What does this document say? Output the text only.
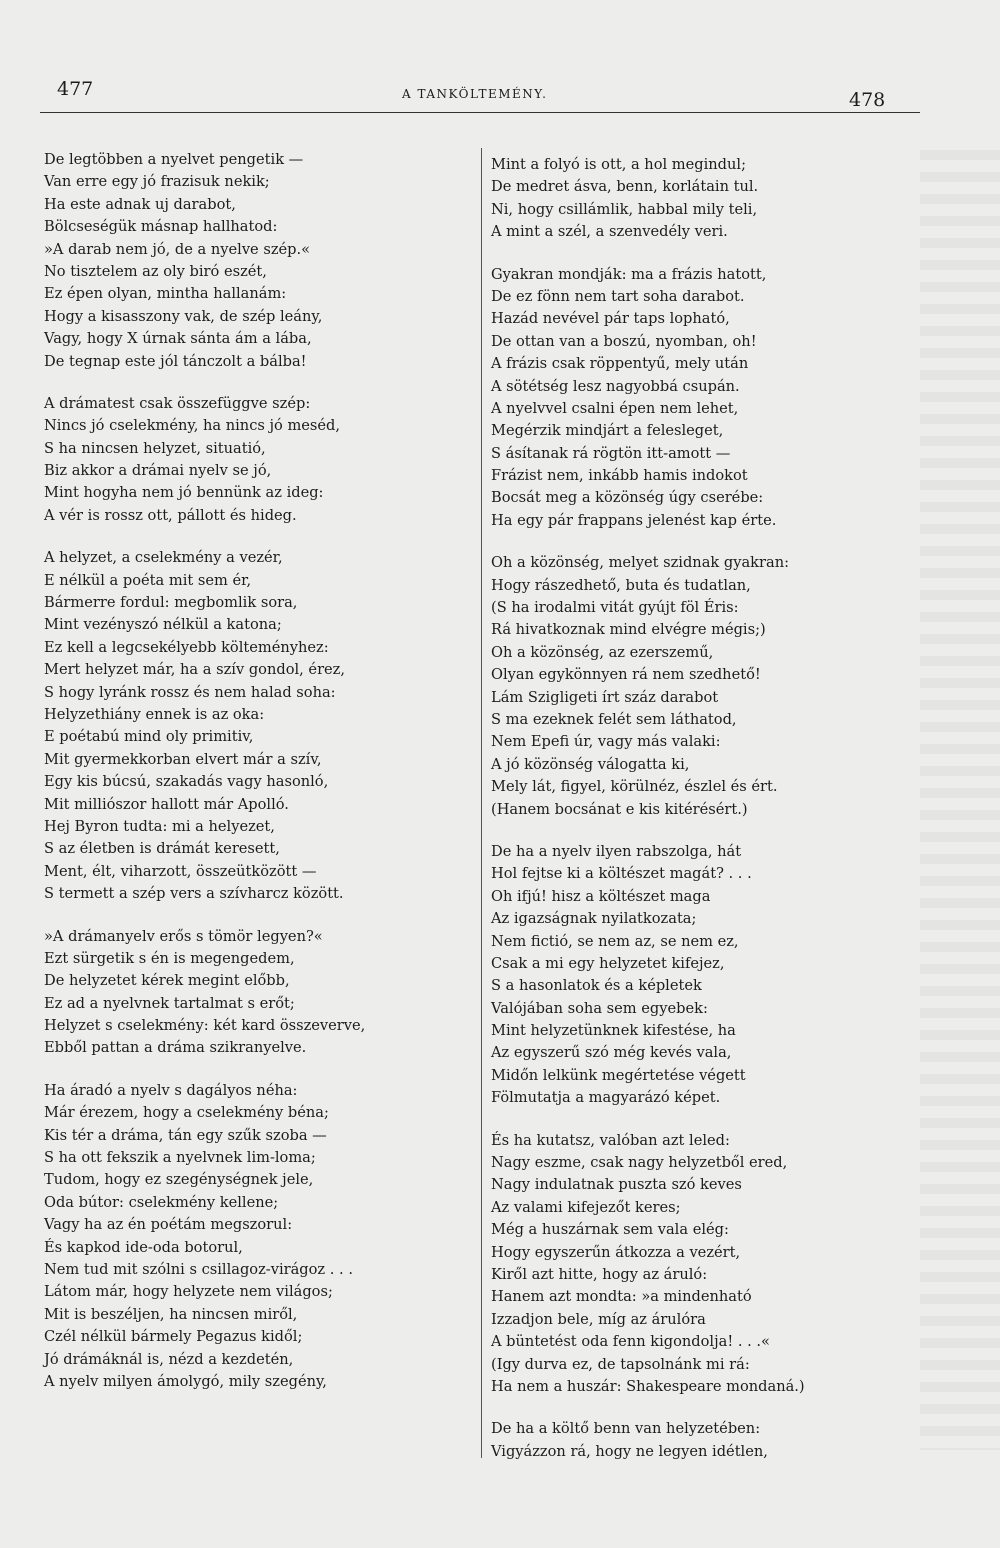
477	A TANKÖLTEMÉNY.	478
De legtöbben a nyelvet pengetik —
Van erre egy jó frazisuk nekik;
Ha este adnak uj darabot,
Bölcseségük másnap hallhatod:
»A darab nem jó, de a nyelve szép.«
No tisztelem az oly biró eszét,
Ez épen olyan, mintha hallanám:
Hogy a kisasszony vak, de szép leány,
Vagy, hogy X úrnak sánta ám a lába,
De tegnap este jól tánczolt a bálba!
A drámatest csak összefüggve szép:
Nincs jó cselekmény, ha nincs jó meséd,
S ha nincsen helyzet, situatió,
Biz akkor a drámai nyelv se jó,
Mint hogyha nem jó bennünk az ideg:
A vér is rossz ott, pállott és hideg.
A helyzet, a cselekmény a vezér,
E nélkül a poéta mit sem ér,
Bármerre fordul: megbomlik sora,
Mint vezényszó nélkül a katona;
Ez kell a legcsekélyebb költeményhez:
Mert helyzet már, ha a szív gondol, érez,
S hogy lyránk rossz és nem halad soha:
Helyzethiány ennek is az oka:
E poétabú mind oly primitiv,
Mit gyermekkorban elvert már a szív,
Egy kis búcsú, szakadás vagy hasonló,
Mit milliószor hallott már Apolló.
Hej Byron tudta: mi a helyezet,
S az életben is drámát keresett,
Ment, élt, viharzott, összeütközött —
S termett a szép vers a szívharcz között.
»A drámanyelv erős s tömör legyen?«
Ezt sürgetik s én is megengedem,
De helyzetet kérek megint előbb,
Ez ad a nyelvnek tartalmat s erőt;
Helyzet s cselekmény: két kard összeverve,
Ebből pattan a dráma szikranyelve.
Ha áradó a nyelv s dagályos néha:
Már érezem, hogy a cselekmény béna;
Kis tér a dráma, tán egy szűk szoba —
S ha ott fekszik a nyelvnek lim-loma;
Tudom, hogy ez szegénységnek jele,
Oda bútor: cselekmény kellene;
Vagy ha az én poétám megszorul:
És kapkod ide-oda botorul,
Nem tud mit szólni s csillagoz-virágoz . . .
Látom már, hogy helyzete nem világos;
Mit is beszéljen, ha nincsen miről,
Czél nélkül bármely Pegazus kidől;
Jó drámáknál is, nézd a kezdetén,
A nyelv milyen ámolygó, mily szegény,
Mint a folyó is ott, a hol megindul;
De medret ásva, benn, korlátain tul.
Ni, hogy csillámlik, habbal mily teli,
A mint a szél, a szenvedély veri.
Gyakran mondják: ma a frázis hatott,
De ez fönn nem tart soha darabot.
Hazád nevével pár taps lopható,
De ottan van a boszú, nyomban, oh!
A frázis csak röppentyű, mely után
A sötétség lesz nagyobbá csupán.
A nyelvvel csalni épen nem lehet,
Megérzik mindjárt a felesleget,
S ásítanak rá rögtön itt-amott —
Frázist nem, inkább hamis indokot
Bocsát meg a közönség úgy cserébe:
Ha egy pár frappans jelenést kap érte.
Oh a közönség, melyet szidnak gyakran:
Hogy rászedhető, buta és tudatlan,
(S ha irodalmi vitát gyújt föl Éris:
Rá hivatkoznak mind elvégre mégis;)
Oh a közönség, az ezerszemű,
Olyan egykönnyen rá nem szedhető!
Lám Szigligeti írt száz darabot
S ma ezeknek felét sem láthatod,
Nem Epefi úr, vagy más valaki:
A jó közönség válogatta ki,
Mely lát, figyel, körülnéz, észlel és ért.
(Hanem bocsánat e kis kitérésért.)
De ha a nyelv ilyen rabszolga, hát
Hol fejtse ki a költészet magát? . . .
Oh ifjú! hisz a költészet maga
Az igazságnak nyilatkozata;
Nem fictió, se nem az, se nem ez,
Csak a mi egy helyzetet kifejez,
S a hasonlatok és a képletek
Valójában soha sem egyebek:
Mint helyzetünknek kifestése, ha
Az egyszerű szó még kevés vala,
Midőn lelkünk megértetése végett
Fölmutatja a magyarázó képet.
És ha kutatsz, valóban azt leled:
Nagy eszme, csak nagy helyzetből ered,
Nagy indulatnak puszta szó keves
Az valami kifejezőt keres;
Még a huszárnak sem vala elég:
Hogy egyszerűn átkozza a vezért,
Kiről azt hitte, hogy az áruló:
Hanem azt mondta: »a mindenható
Izzadjon bele, míg az árulóra
A büntetést oda fenn kigondolja! . . .«
(Igy durva ez, de tapsolnánk mi rá:
Ha nem a huszár: Shakespeare mondaná.)
De ha a költő benn van helyzetében:
Vigyázzon rá, hogy ne legyen idétlen,
